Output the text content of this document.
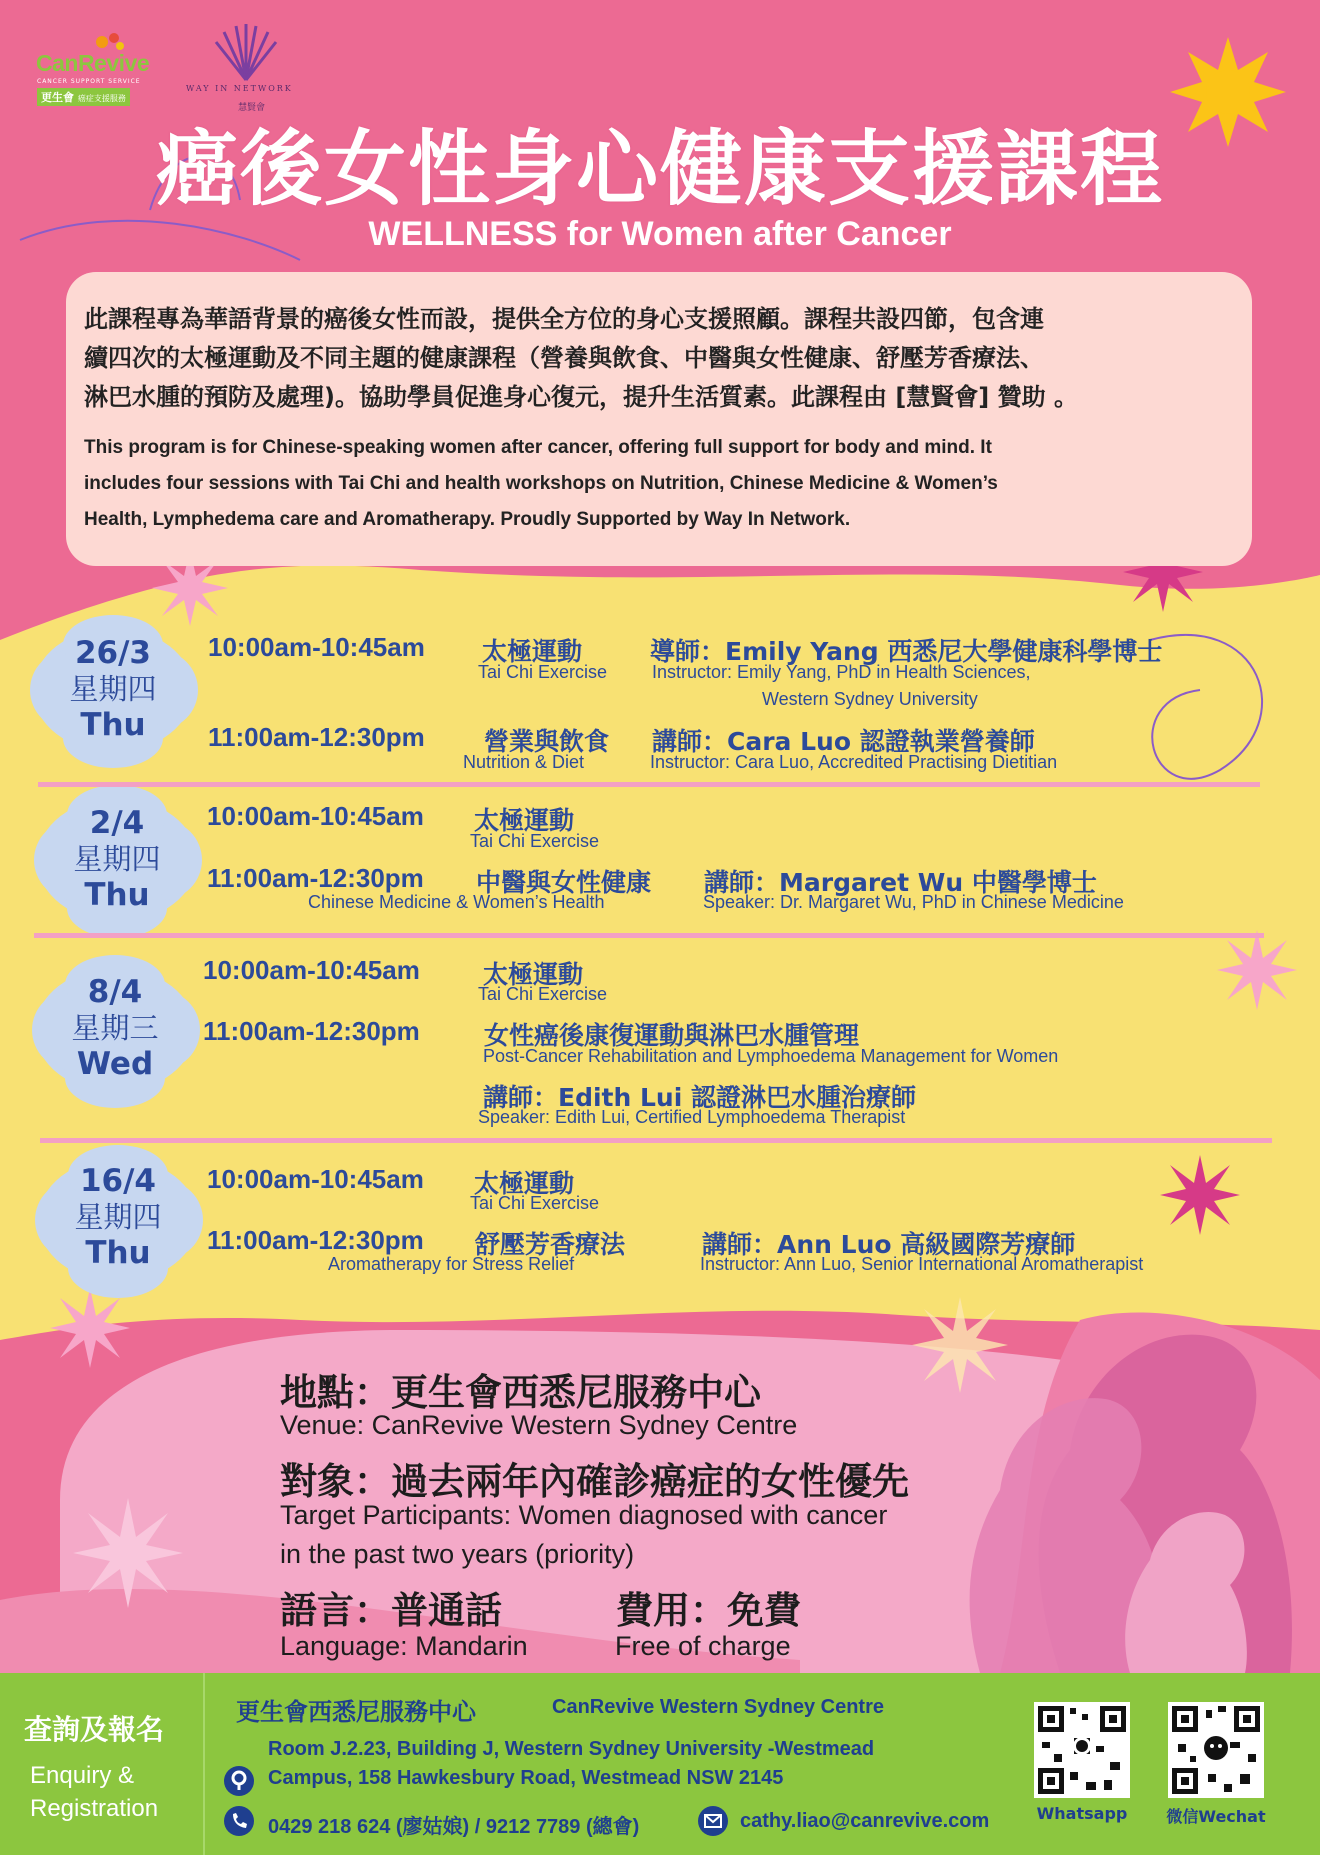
CanRevive
CANCER SUPPORT SERVICE
更生會 癌症支援服務
WAY IN NETWORK
慧賢會
癌後女性身心健康支援課程
WELLNESS for Women after Cancer
此課程專為華語背景的癌後女性而設，提供全方位的身心支援照顧。課程共設四節，包含連
續四次的太極運動及不同主題的健康課程（營養與飲食、中醫與女性健康、舒壓芳香療法、
淋巴水腫的預防及處理)。協助學員促進身心復元，提升生活質素。此課程由 [慧賢會] 贊助 。
This program is for Chinese-speaking women after cancer, offering full support for body and mind. It
includes four sessions with Tai Chi and health workshops on Nutrition, Chinese Medicine & Women’s
Health, Lymphedema care and Aromatherapy. Proudly Supported by Way In Network.
26/3
星期四
Thu
10:00am-10:45am 太極運動
Tai Chi Exercise
導師：Emily Yang 西悉尼大學健康科學博士
Instructor: Emily Yang, PhD in Health Sciences,
Western Sydney University
11:00am-12:30pm 營業與飲食
Nutrition & Diet
講師：Cara Luo 認證執業營養師
Instructor: Cara Luo, Accredited Practising Dietitian
2/4
星期四
Thu
10:00am-10:45am 太極運動
Tai Chi Exercise
11:00am-12:30pm 中醫與女性健康
Chinese Medicine & Women’s Health
講師：Margaret Wu 中醫學博士
Speaker: Dr. Margaret Wu, PhD in Chinese Medicine
8/4
星期三
Wed
10:00am-10:45am	太極運動
Tai Chi Exercise
11:00am-12:30pm	女性癌後康復運動與淋巴水腫管理
Post-Cancer Rehabilitation and Lymphoedema Management for Women
講師：Edith Lui 認證淋巴水腫治療師
Speaker: Edith Lui, Certified Lymphoedema Therapist
16/4
星期四
Thu
10:00am-10:45am 太極運動
Tai Chi Exercise
11:00am-12:30pm 舒壓芳香療法
Aromatherapy for Stress Relief
講師：Ann Luo 高級國際芳療師
Instructor: Ann Luo, Senior International Aromatherapist
地點：更生會西悉尼服務中心
Venue: CanRevive Western Sydney Centre
對象：過去兩年內確診癌症的女性優先
Target Participants: Women diagnosed with cancer
in the past two years (priority)
語言：普通話
Language: Mandarin
費用：免費
Free of charge
查詢及報名
Enquiry &
Registration
更生會西悉尼服務中心	CanRevive Western Sydney Centre
Room J.2.23, Building J, Western Sydney University -Westmead
Campus, 158 Hawkesbury Road, Westmead NSW 2145
0429 218 624 (廖姑娘) / 9212 7789 (總會)	cathy.liao@canrevive.com	Whatsapp	微信Wechat
